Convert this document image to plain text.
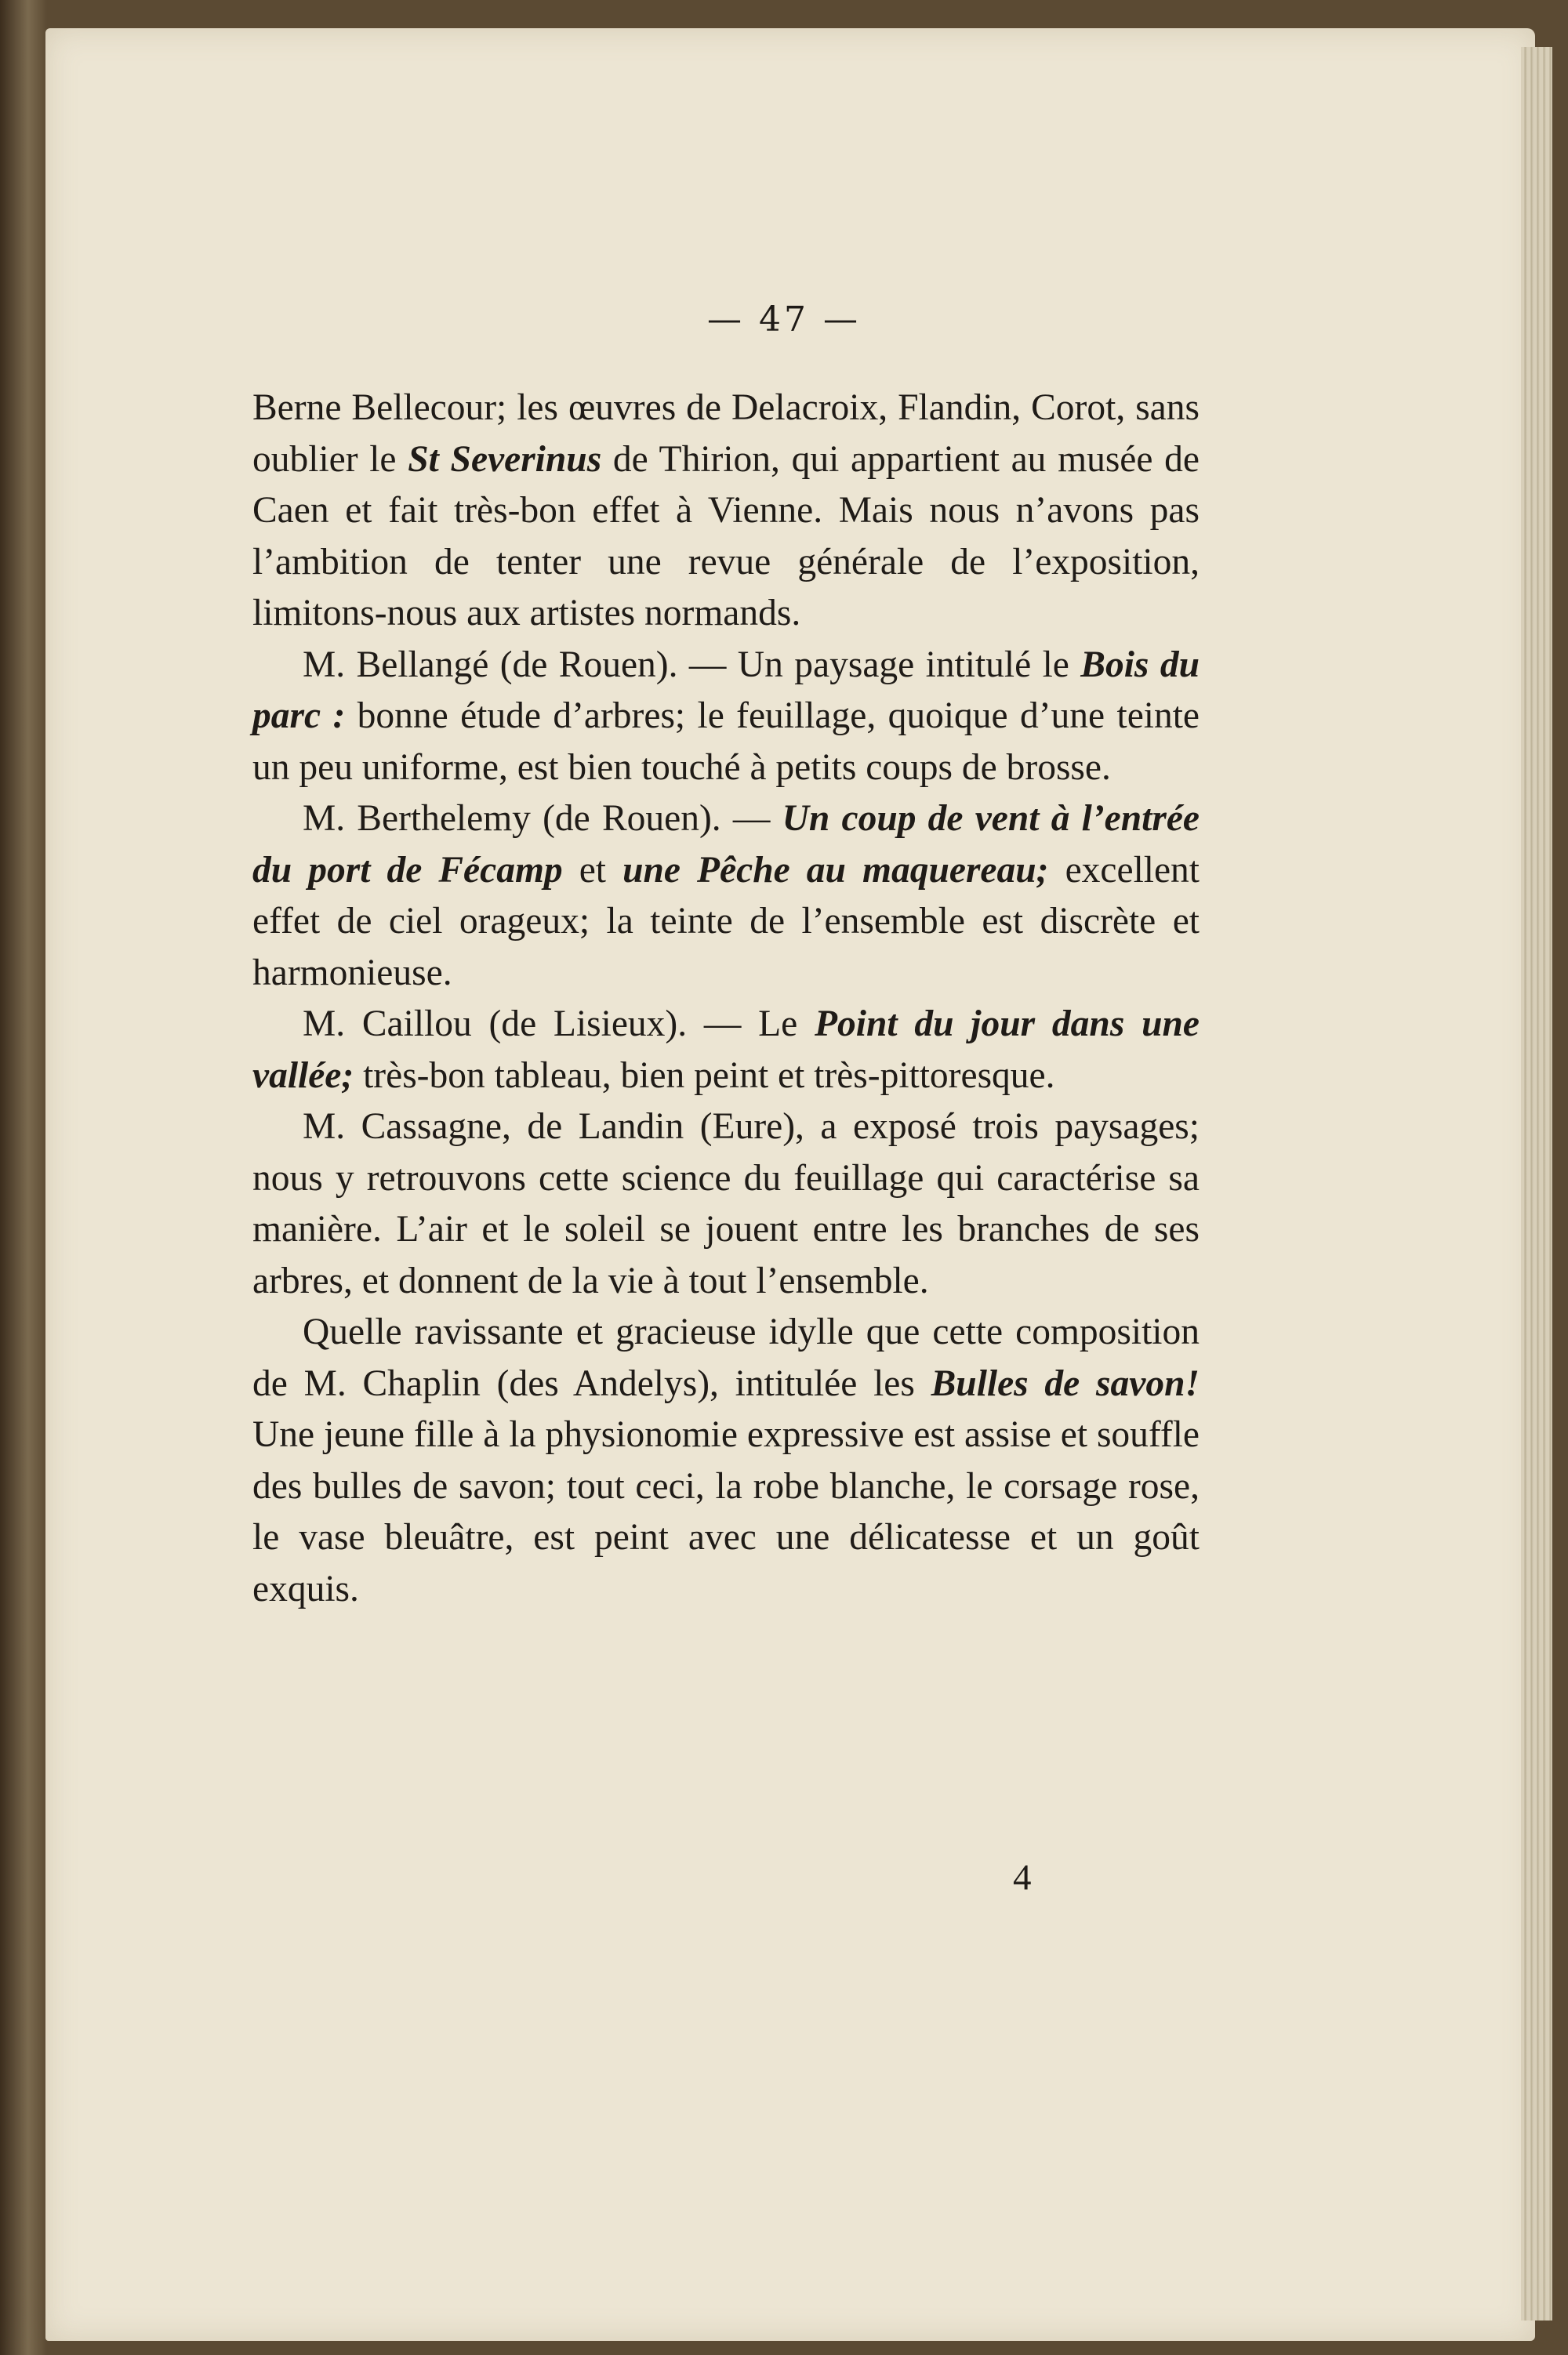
— 47 —

Berne Bellecour; les œuvres de Delacroix, Flandin, Corot, sans oublier le St Severinus de Thirion, qui appartient au musée de Caen et fait très-bon effet à Vienne. Mais nous n’avons pas l’ambition de tenter une revue générale de l’exposition, limitons-nous aux artistes normands.

M. Bellangé (de Rouen). — Un paysage intitulé le Bois du parc : bonne étude d’arbres; le feuillage, quoique d’une teinte un peu uniforme, est bien touché à petits coups de brosse.

M. Berthelemy (de Rouen). — Un coup de vent à l’entrée du port de Fécamp et une Pêche au maquereau; excellent effet de ciel orageux; la teinte de l’ensemble est discrète et harmonieuse.

M. Caillou (de Lisieux). — Le Point du jour dans une vallée; très-bon tableau, bien peint et très-pittoresque.

M. Cassagne, de Landin (Eure), a exposé trois paysages; nous y retrouvons cette science du feuillage qui caractérise sa manière. L’air et le soleil se jouent entre les branches de ses arbres, et donnent de la vie à tout l’ensemble.

Quelle ravissante et gracieuse idylle que cette composition de M. Chaplin (des Andelys), intitulée les Bulles de savon! Une jeune fille à la physionomie expressive est assise et souffle des bulles de savon; tout ceci, la robe blanche, le corsage rose, le vase bleuâtre, est peint avec une délicatesse et un goût exquis.

4
